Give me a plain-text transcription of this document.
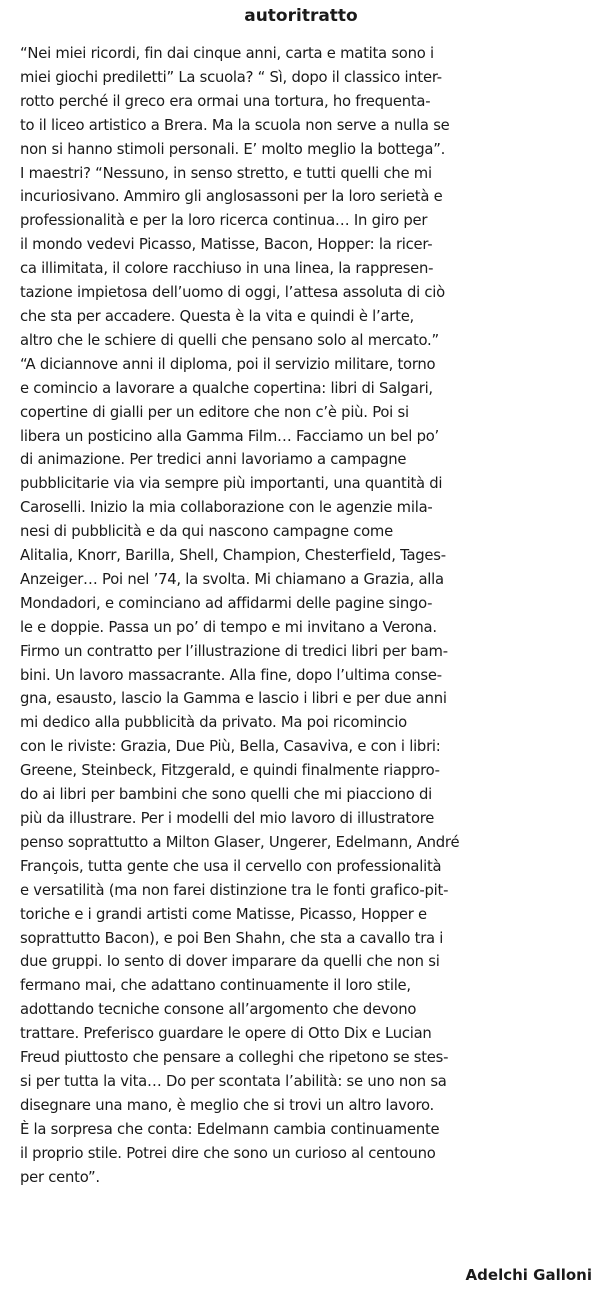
autoritratto
“Nei miei ricordi, fin dai cinque anni, carta e matita sono i
miei giochi prediletti” La scuola? “ Sì, dopo il classico inter-
rotto perché il greco era ormai una tortura, ho frequenta-
to il liceo artistico a Brera. Ma la scuola non serve a nulla se
non si hanno stimoli personali. E’ molto meglio la bottega”.
I maestri? “Nessuno, in senso stretto, e tutti quelli che mi
incuriosivano. Ammiro gli anglosassoni per la loro serietà e
professionalità e per la loro ricerca continua… In giro per
il mondo vedevi Picasso, Matisse, Bacon, Hopper: la ricer-
ca illimitata, il colore racchiuso in una linea, la rappresen-
tazione impietosa dell’uomo di oggi, l’attesa assoluta di ciò
che sta per accadere. Questa è la vita e quindi è l’arte,
altro che le schiere di quelli che pensano solo al mercato.”
“A diciannove anni il diploma, poi il servizio militare, torno
e comincio a lavorare a qualche copertina: libri di Salgari,
copertine di gialli per un editore che non c’è più. Poi si
libera un posticino alla Gamma Film… Facciamo un bel po’
di animazione. Per tredici anni lavoriamo a campagne
pubblicitarie via via sempre più importanti, una quantità di
Caroselli. Inizio la mia collaborazione con le agenzie mila-
nesi di pubblicità e da qui nascono campagne come
Alitalia, Knorr, Barilla, Shell, Champion, Chesterfield, Tages-
Anzeiger… Poi nel ’74, la svolta. Mi chiamano a Grazia, alla
Mondadori, e cominciano ad affidarmi delle pagine singo-
le e doppie. Passa un po’ di tempo e mi invitano a Verona.
Firmo un contratto per l’illustrazione di tredici libri per bam-
bini. Un lavoro massacrante. Alla fine, dopo l’ultima conse-
gna, esausto, lascio la Gamma e lascio i libri e per due anni
mi dedico alla pubblicità da privato. Ma poi ricomincio
con le riviste: Grazia, Due Più, Bella, Casaviva, e con i libri:
Greene, Steinbeck, Fitzgerald, e quindi finalmente riappro-
do ai libri per bambini che sono quelli che mi piacciono di
più da illustrare. Per i modelli del mio lavoro di illustratore
penso soprattutto a Milton Glaser, Ungerer, Edelmann, André
François, tutta gente che usa il cervello con professionalità
e versatilità (ma non farei distinzione tra le fonti grafico-pit-
toriche e i grandi artisti come Matisse, Picasso, Hopper e
soprattutto Bacon), e poi Ben Shahn, che sta a cavallo tra i
due gruppi. Io sento di dover imparare da quelli che non si
fermano mai, che adattano continuamente il loro stile,
adottando tecniche consone all’argomento che devono
trattare. Preferisco guardare le opere di Otto Dix e Lucian
Freud piuttosto che pensare a colleghi che ripetono se stes-
si per tutta la vita… Do per scontata l’abilità: se uno non sa
disegnare una mano, è meglio che si trovi un altro lavoro.
È la sorpresa che conta: Edelmann cambia continuamente
il proprio stile. Potrei dire che sono un curioso al centouno
per cento”.
Adelchi Galloni
